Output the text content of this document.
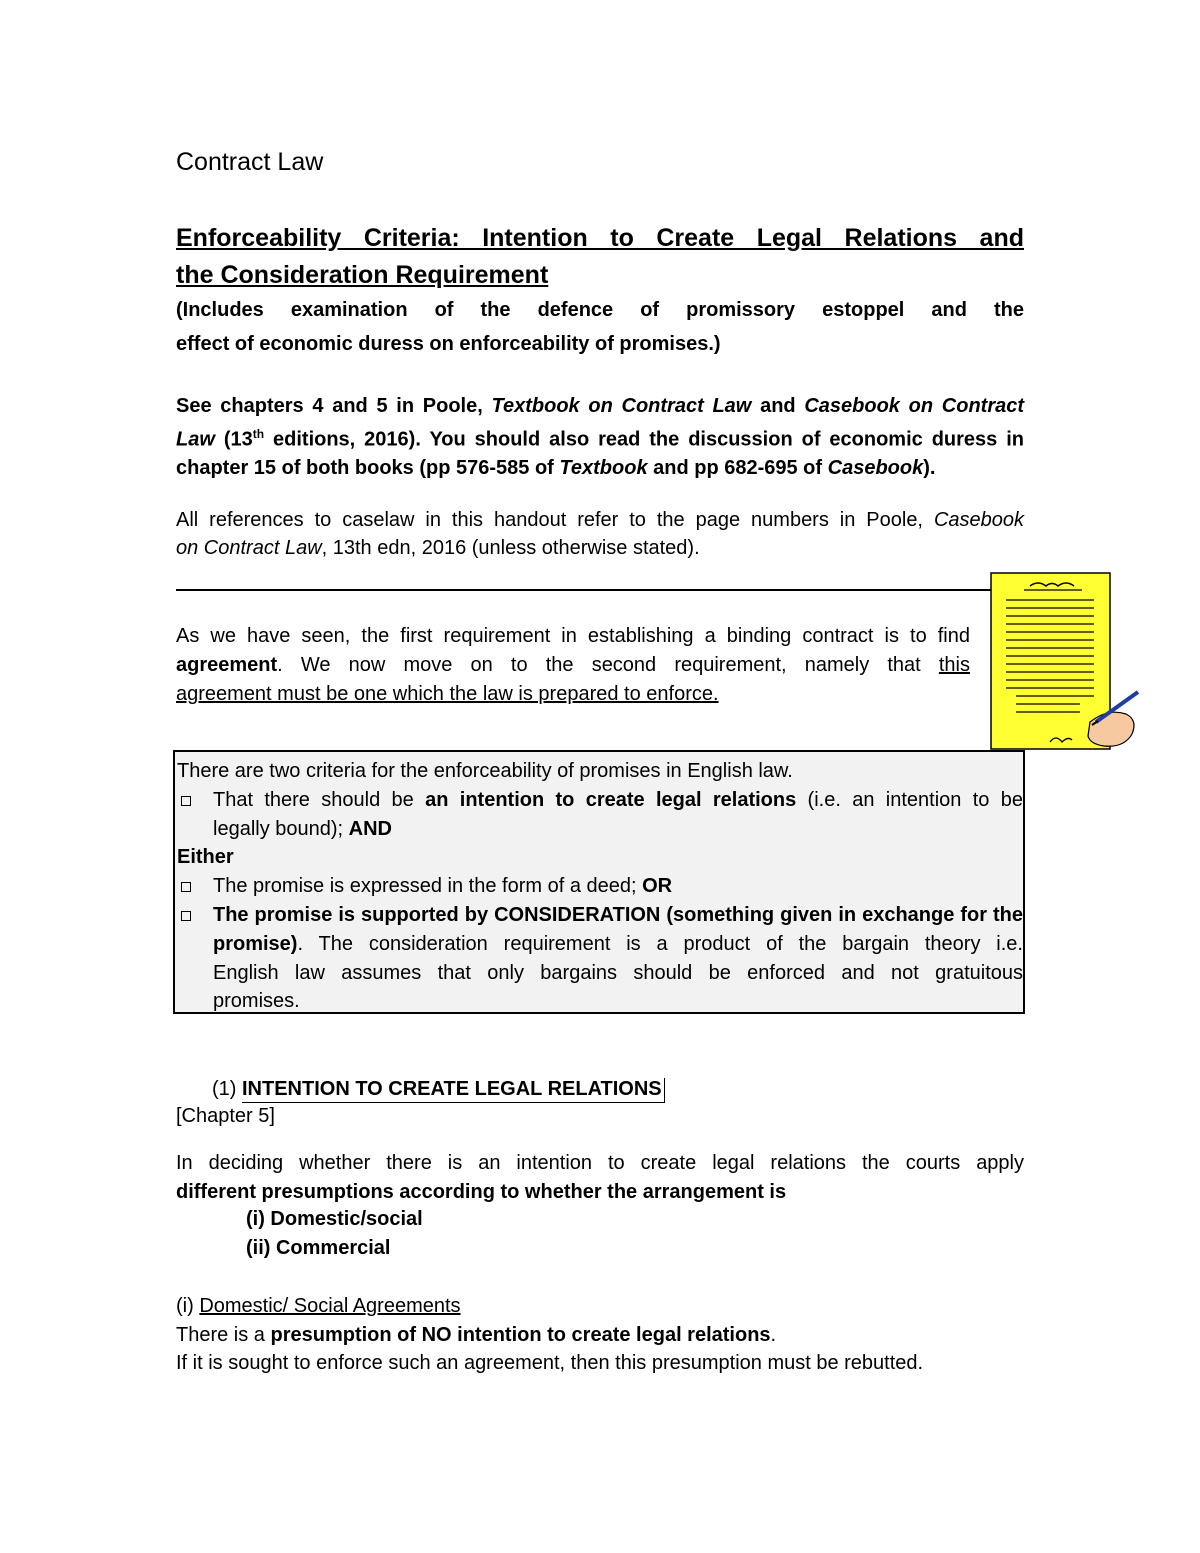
Contract Law
Enforceability Criteria: Intention to Create Legal Relations and
the Consideration Requirement
(Includes examination of the defence of promissory estoppel and the
effect of economic duress on enforceability of promises.)
See chapters 4 and 5 in Poole, Textbook on Contract Law and Casebook on Contract
Law (13th editions, 2016). You should also read the discussion of economic duress in
chapter 15 of both books (pp 576-585 of Textbook and pp 682-695 of Casebook).
All references to caselaw in this handout refer to the page numbers in Poole, Casebook
on Contract Law, 13th edn, 2016 (unless otherwise stated).
As we have seen, the first requirement in establishing a binding contract is to find
agreement. We now move on to the second requirement, namely that this
agreement must be one which the law is prepared to enforce.
There are two criteria for the enforceability of promises in English law.
That there should be an intention to create legal relations (i.e. an intention to be
legally bound); AND
Either
The promise is expressed in the form of a deed; OR
The promise is supported by CONSIDERATION (something given in exchange for the
promise). The consideration requirement is a product of the bargain theory i.e.
English law assumes that only bargains should be enforced and not gratuitous
promises.
(1) INTENTION TO CREATE LEGAL RELATIONS
[Chapter 5]
In deciding whether there is an intention to create legal relations the courts apply
different presumptions according to whether the arrangement is
(i) Domestic/social
(ii) Commercial
(i) Domestic/ Social Agreements
There is a presumption of NO intention to create legal relations.
If it is sought to enforce such an agreement, then this presumption must be rebutted.
